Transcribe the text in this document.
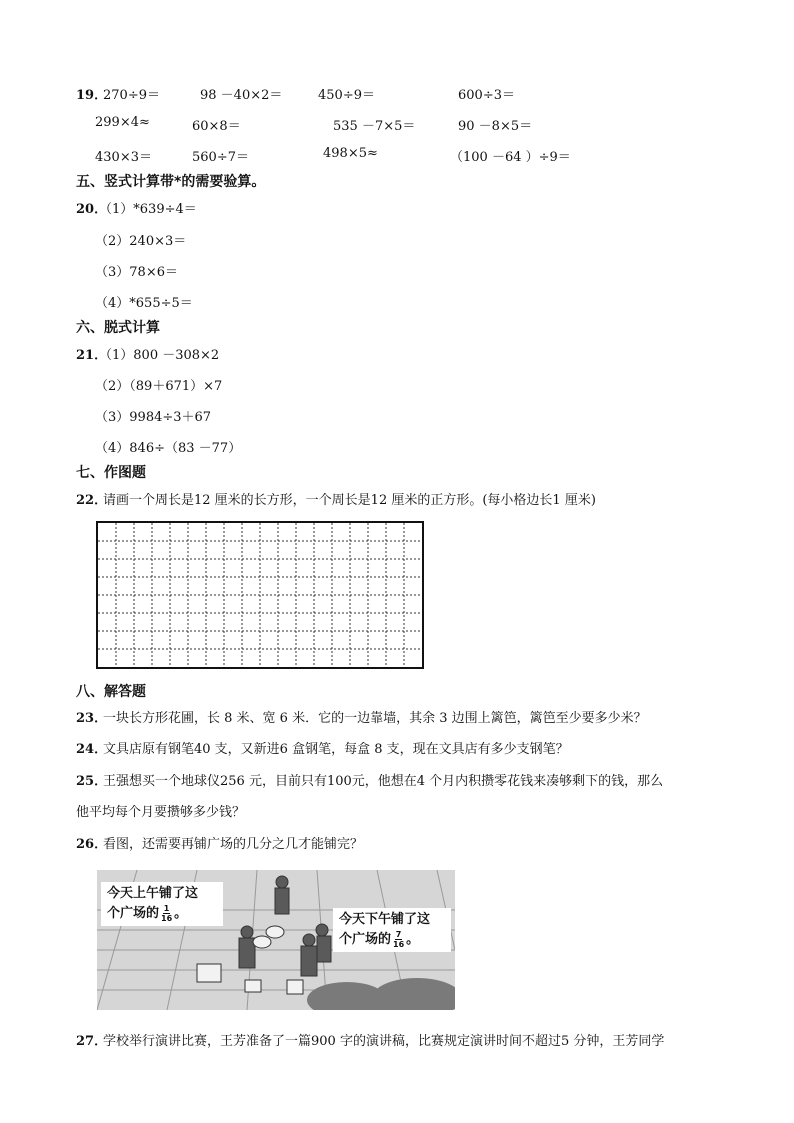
19．
270÷9＝	98 －40×2＝	450÷9＝	600÷3＝
299×4≈	60×8＝	535 －7×5＝	90 －8×5＝
430×3＝	560÷7＝	498×5≈	（100 －64 ）÷9＝
五、竖式计算带*的需要验算。
20．
（1）*639÷4＝
（2）240×3＝
（3）78×6＝
（4）*655÷5＝
六、脱式计算
21．
（1）800 －308×2
（2）（89＋671）×7
（3）9984÷3＋67
（4）846÷（83 －77）
七、作图题
22．
请画一个周长是12 厘米的长方形，一个周长是12 厘米的正方形。(每小格边长1 厘米)
八、解答题
23．
一块长方形花圃，长 8 米、宽 6 米．它的一边靠墙，其余 3 边围上篱笆，篱笆至少要多少米？
24．
文具店原有钢笔40 支，又新进6 盒钢笔，每盒 8 支，现在文具店有多少支钢笔？
25．
王强想买一个地球仪256 元，目前只有100元，他想在4 个月内积攒零花钱来凑够剩下的钱，那么
他平均每个月要攒够多少钱？
26．
看图，还需要再铺广场的几分之几才能铺完？
今天上午铺了这
个广场的 $\frac{1}{16}$ 。	今天下午铺了这
个广场的 $\frac{7}{16}$ 。
27．
学校举行演讲比赛，王芳准备了一篇900 字的演讲稿，比赛规定演讲时间不超过5 分钟，王芳同学
